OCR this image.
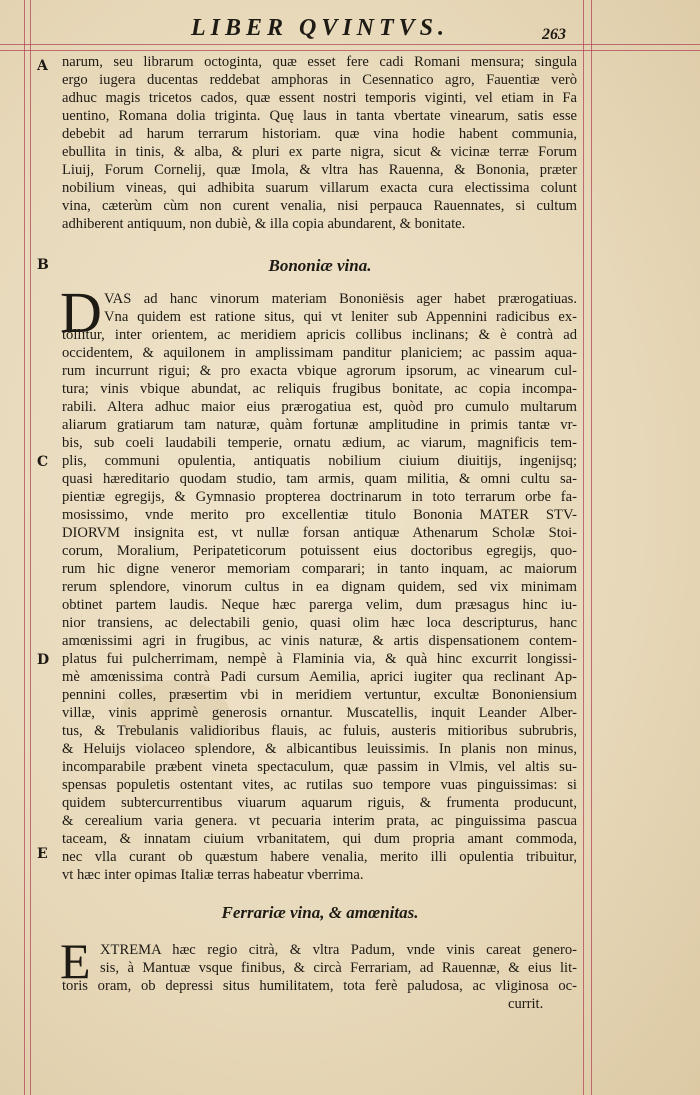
LIBER QVINTVS.	263
A
B
C
D
E
narum, seu librarum octoginta, quæ esset fere cadi Romani mensura; singula
ergo iugera ducentas reddebat amphoras in Cesennatico agro, Fauentiæ verò
adhuc magis tricetos cados, quæ essent nostri temporis viginti, vel etiam in Fa
uentino, Romana dolia triginta. Quę laus in tanta vbertate vinearum, satis esse
debebit ad harum terrarum historiam. quæ vina hodie habent communia,
ebullita in tinis, & alba, & pluri ex parte nigra, sicut & vicinæ terræ Forum
Liuij, Forum Cornelij, quæ Imola, & vltra has Rauenna, & Bononia, præter
nobilium vineas, qui adhibita suarum villarum exacta cura electissima colunt
vina, cæterùm cùm non curent venalia, nisi perpauca Rauennates, si cultum
adhiberent antiquum, non dubiè, & illa copia abundarent, & bonitate.
Bononiæ vina.
D VAS ad hanc vinorum materiam Bononiësis ager habet prærogatiuas.
Vna quidem est ratione situs, qui vt leniter sub Appennini radicibus ex-
tollitur, inter orientem, ac meridiem apricis collibus inclinans; & è contrà ad
occidentem, & aquilonem in amplissimam panditur planiciem; ac passim aqua-
rum incurrunt rigui; & pro exacta vbique agrorum ipsorum, ac vinearum cul-
tura; vinis vbique abundat, ac reliquis frugibus bonitate, ac copia incompa-
rabili. Altera adhuc maior eius prærogatiua est, quòd pro cumulo multarum
aliarum gratiarum tam naturæ, quàm fortunæ amplitudine in primis tantæ vr-
bis, sub coeli laudabili temperie, ornatu ædium, ac viarum, magnificis tem-
plis, communi opulentia, antiquatis nobilium ciuium diuitijs, ingenijsq;
quasi hæreditario quodam studio, tam armis, quam militia, & omni cultu sa-
pientiæ egregijs, & Gymnasio propterea doctrinarum in toto terrarum orbe fa-
mosissimo, vnde merito pro excellentiæ titulo Bononia MATER STV-
DIORVM insignita est, vt nullæ forsan antiquæ Athenarum Scholæ Stoi-
corum, Moralium, Peripateticorum potuissent eius doctoribus egregijs, quo-
rum hic digne veneror memoriam comparari; in tanto inquam, ac maiorum
rerum splendore, vinorum cultus in ea dignam quidem, sed vix minimam
obtinet partem laudis. Neque hæc parerga velim, dum præsagus hinc iu-
nior transiens, ac delectabili genio, quasi olim hæc loca descripturus, hanc
amœnissimi agri in frugibus, ac vinis naturæ, & artis dispensationem contem-
platus fui pulcherrimam, nempè à Flaminia via, & quà hinc excurrit longissi-
mè amœnissima contrà Padi cursum Aemilia, aprici iugiter qua reclinant Ap-
pennini colles, præsertim vbi in meridiem vertuntur, excultæ Bononiensium
villæ, vinis apprimè generosis ornantur. Muscatellis, inquit Leander Alber-
tus, & Trebulanis validioribus flauis, ac fuluis, austeris mitioribus subrubris,
& Heluijs violaceo splendore, & albicantibus leuissimis. In planis non minus,
incomparabile præbent vineta spectaculum, quæ passim in Vlmis, vel altis su-
spensas populetis ostentant vites, ac rutilas suo tempore vuas pinguissimas: si
quidem subtercurrentibus viuarum aquarum riguis, & frumenta producunt,
& cerealium varia genera. vt pecuaria interim prata, ac pinguissima pascua
taceam, & innatam ciuium vrbanitatem, qui dum propria amant commoda,
nec vlla curant ob quæstum habere venalia, merito illi opulentia tribuitur,
vt hæc inter opimas Italiæ terras habeatur vberrima.
Ferrariæ vina, & amœnitas.
E XTREMA hæc regio citrà, & vltra Padum, vnde vinis careat genero-
sis, à Mantuæ vsque finibus, & circà Ferrariam, ad Rauennæ, & eius lit-
toris oram, ob depressi situs humilitatem, tota ferè paludosa, ac vliginosa oc-
currit.
